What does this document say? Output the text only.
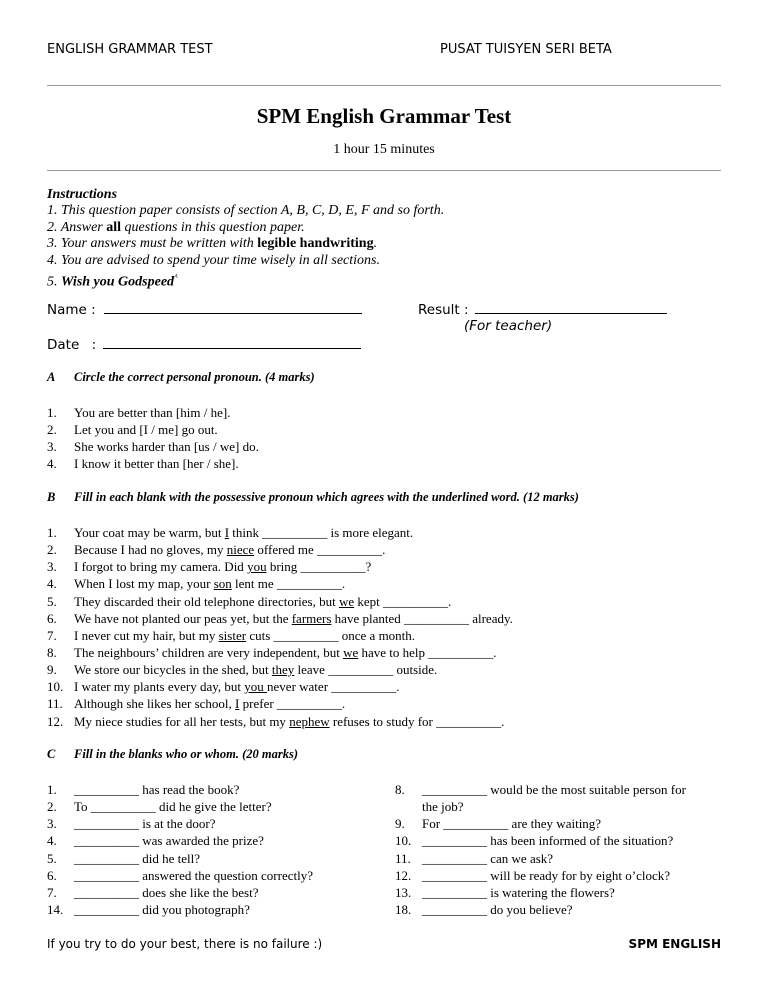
ENGLISH GRAMMAR TEST	PUSAT TUISYEN SERI BETA
SPM English Grammar Test
1 hour 15 minutes
Instructions
1. This question paper consists of section A, B, C, D, E, F and so forth.
2. Answer all questions in this question paper.
3. Your answers must be written with legible handwriting.
4. You are advised to spend your time wisely in all sections.
5. Wish you Godspeed$^ᴬ$
Name :	Result :
(For teacher)
Date :
A Circle the correct personal pronoun. (4 marks)
1. You are better than [him / he].
2. Let you and [I / me] go out.
3. She works harder than [us / we] do.
4. I know it better than [her / she].
B Fill in each blank with the possessive pronoun which agrees with the underlined word. (12 marks)
1. Your coat may be warm, but I think __________ is more elegant.
2. Because I had no gloves, my niece offered me __________.
3. I forgot to bring my camera. Did you bring __________?
4. When I lost my map, your son lent me __________.
5. They discarded their old telephone directories, but we kept __________.
6. We have not planted our peas yet, but the farmers have planted __________ already.
7. I never cut my hair, but my sister cuts __________ once a month.
8. The neighbours’ children are very independent, but we have to help __________.
9. We store our bicycles in the shed, but they leave __________ outside.
10. I water my plants every day, but you never water __________.
11. Although she likes her school, I prefer __________.
12. My niece studies for all her tests, but my nephew refuses to study for __________.
C Fill in the blanks who or whom. (20 marks)
1. __________ has read the book?
2. To __________ did he give the letter?
3. __________ is at the door?
4. __________ was awarded the prize?
5. __________ did he tell?
6. __________ answered the question correctly?
7. __________ does she like the best?
14. __________ did you photograph?
8. __________ would be the most suitable person for
the job?
9. For __________ are they waiting?
10. __________ has been informed of the situation?
11. __________ can we ask?
12. __________ will be ready for by eight o’clock?
13. __________ is watering the flowers?
18. __________ do you believe?
If you try to do your best, there is no failure :)	SPM ENGLISH
